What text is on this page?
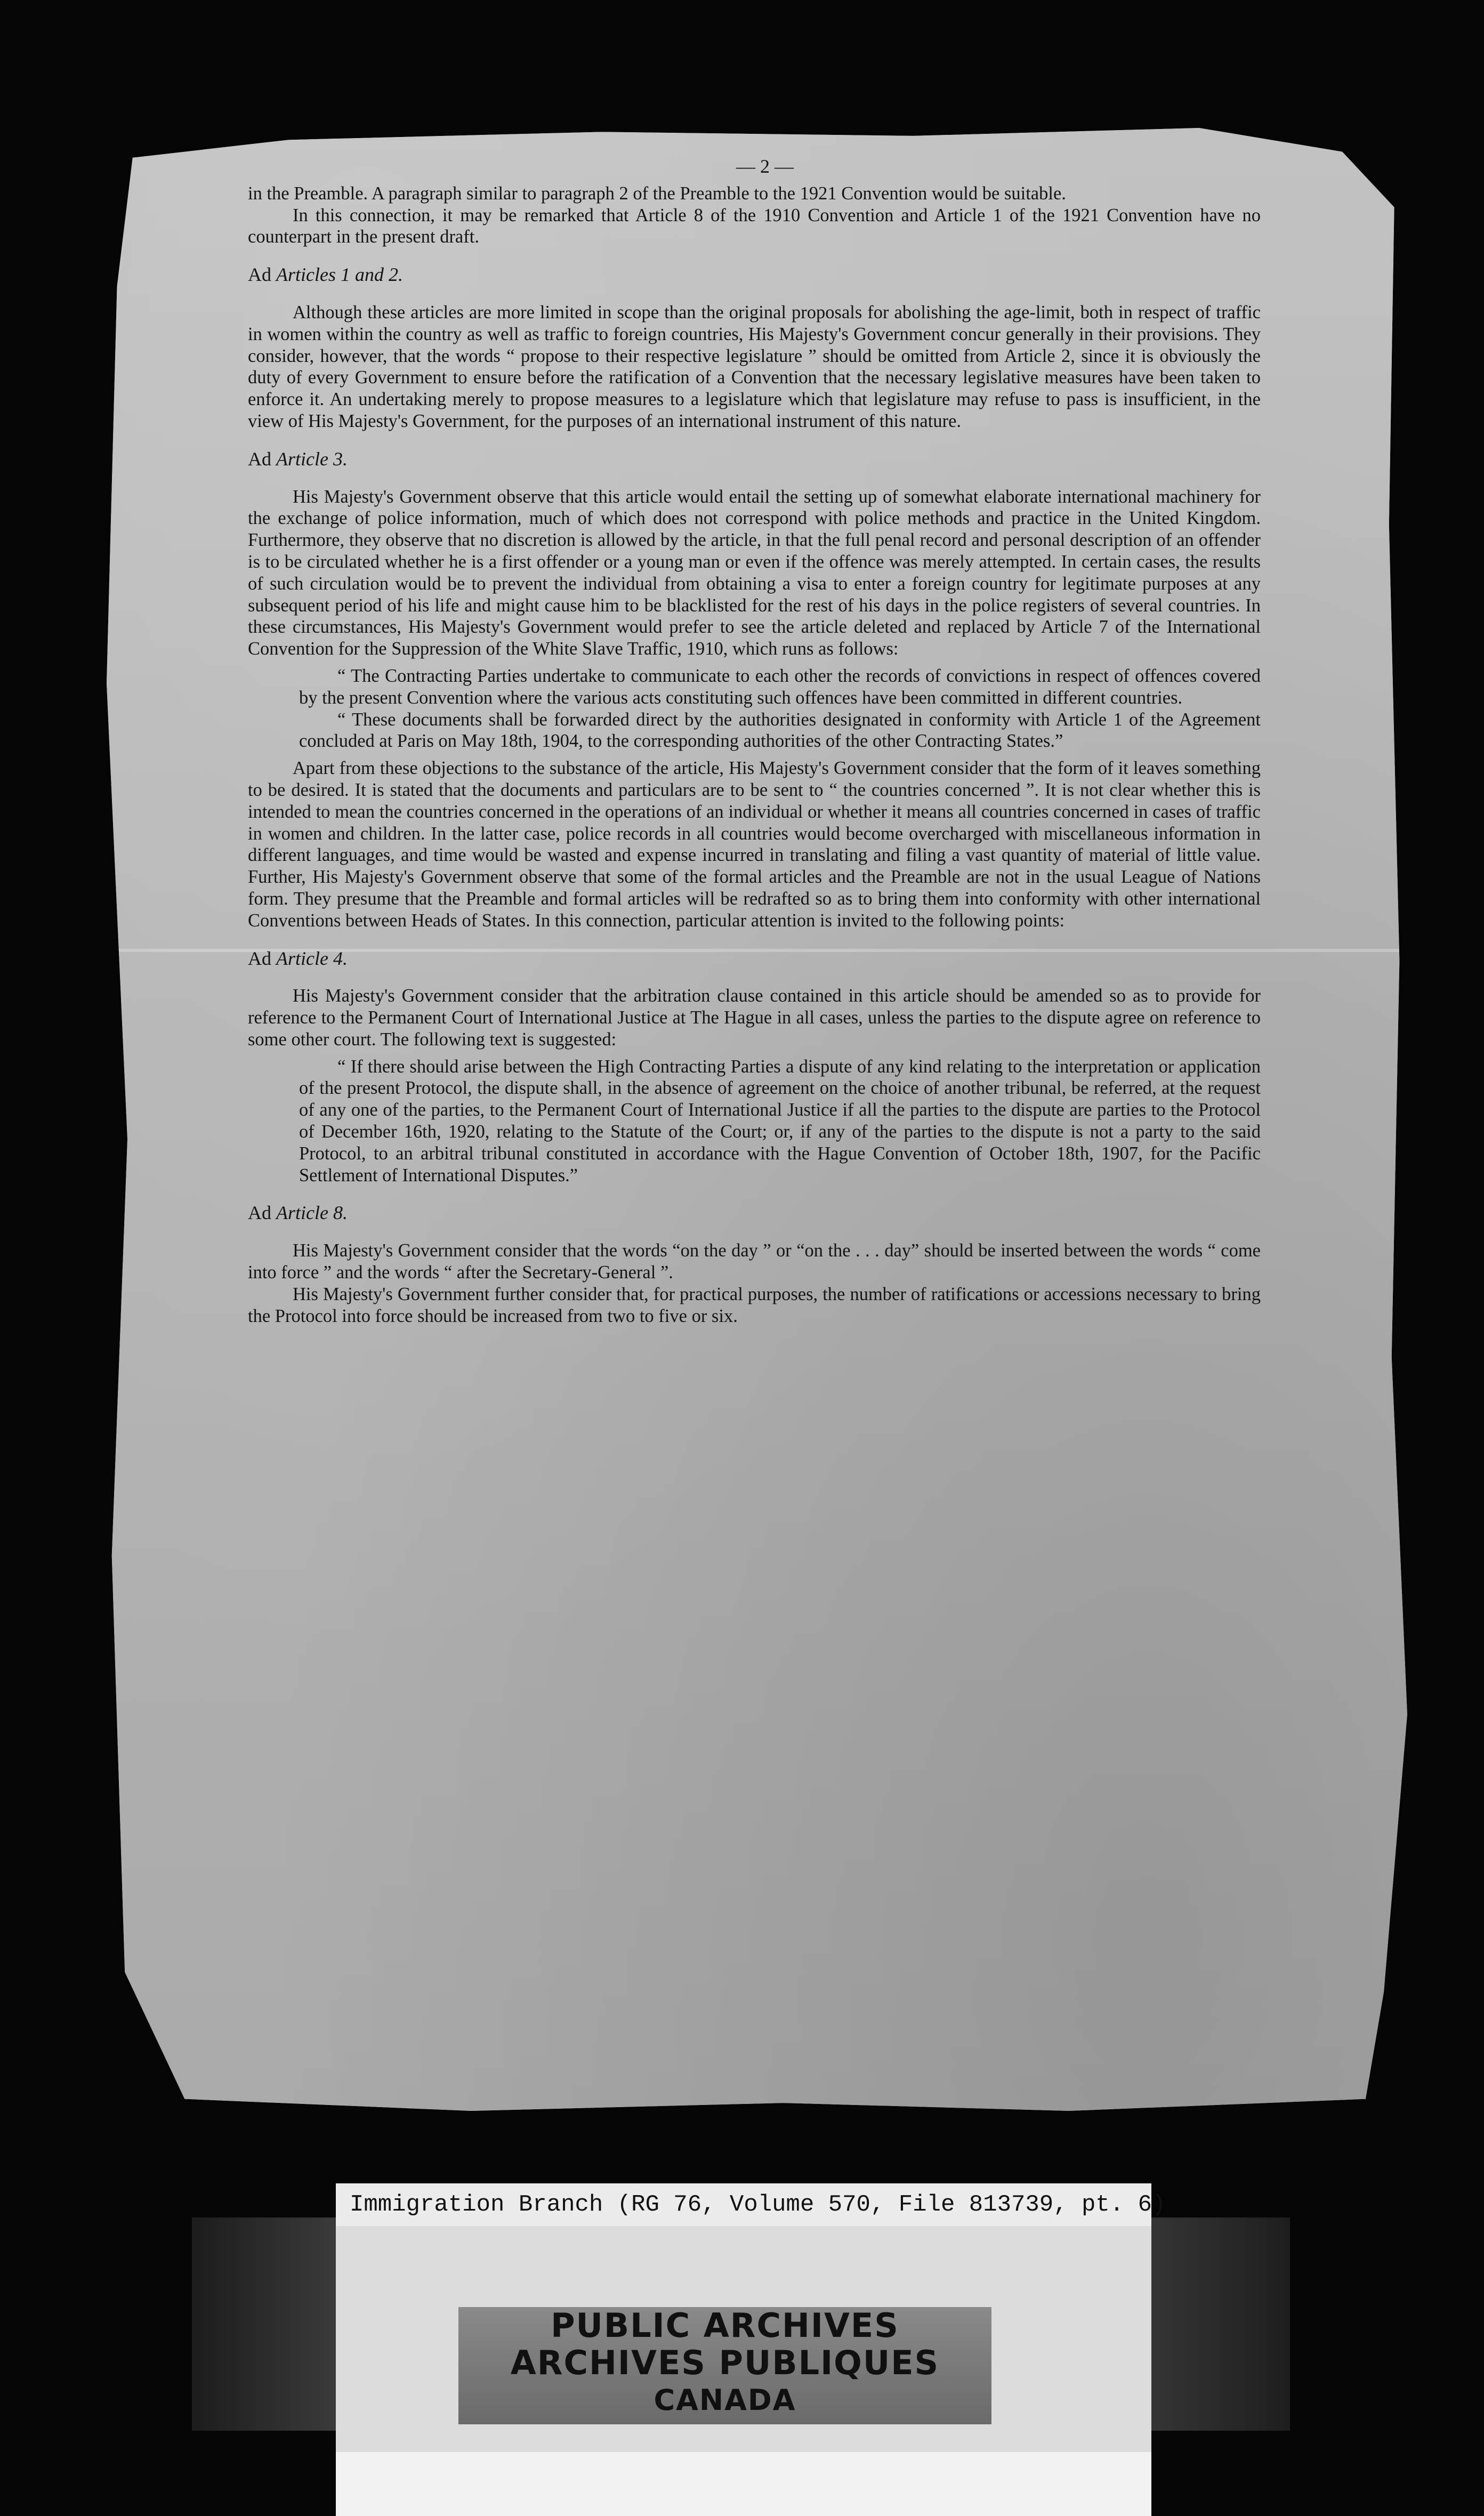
— 2 —

in the Preamble. A paragraph similar to paragraph 2 of the Preamble to the 1921 Convention would be suitable.

In this connection, it may be remarked that Article 8 of the 1910 Convention and Article 1 of the 1921 Convention have no counterpart in the present draft.

Ad Articles 1 and 2.

Although these articles are more limited in scope than the original proposals for abolishing the age-limit, both in respect of traffic in women within the country as well as traffic to foreign countries, His Majesty's Government concur generally in their provisions. They consider, however, that the words “ propose to their respective legislature ” should be omitted from Article 2, since it is obviously the duty of every Government to ensure before the ratification of a Convention that the necessary legislative measures have been taken to enforce it. An undertaking merely to propose measures to a legislature which that legislature may refuse to pass is insufficient, in the view of His Majesty's Government, for the purposes of an international instrument of this nature.

Ad Article 3.

His Majesty's Government observe that this article would entail the setting up of somewhat elaborate international machinery for the exchange of police information, much of which does not correspond with police methods and practice in the United Kingdom. Furthermore, they observe that no discretion is allowed by the article, in that the full penal record and personal description of an offender is to be circulated whether he is a first offender or a young man or even if the offence was merely attempted. In certain cases, the results of such circulation would be to prevent the individual from obtaining a visa to enter a foreign country for legitimate purposes at any subsequent period of his life and might cause him to be blacklisted for the rest of his days in the police registers of several countries. In these circumstances, His Majesty's Government would prefer to see the article deleted and replaced by Article 7 of the International Convention for the Suppression of the White Slave Traffic, 1910, which runs as follows:

“ The Contracting Parties undertake to communicate to each other the records of convictions in respect of offences covered by the present Convention where the various acts constituting such offences have been committed in different countries.

“ These documents shall be forwarded direct by the authorities designated in conformity with Article 1 of the Agreement concluded at Paris on May 18th, 1904, to the corresponding authorities of the other Contracting States.”

Apart from these objections to the substance of the article, His Majesty's Government consider that the form of it leaves something to be desired. It is stated that the documents and particulars are to be sent to “ the countries concerned ”. It is not clear whether this is intended to mean the countries concerned in the operations of an individual or whether it means all countries concerned in cases of traffic in women and children. In the latter case, police records in all countries would become overcharged with miscellaneous information in different languages, and time would be wasted and expense incurred in translating and filing a vast quantity of material of little value. Further, His Majesty's Government observe that some of the formal articles and the Preamble are not in the usual League of Nations form. They presume that the Preamble and formal articles will be redrafted so as to bring them into conformity with other international Conventions between Heads of States. In this connection, particular attention is invited to the following points:

Ad Article 4.

His Majesty's Government consider that the arbitration clause contained in this article should be amended so as to provide for reference to the Permanent Court of International Justice at The Hague in all cases, unless the parties to the dispute agree on reference to some other court. The following text is suggested:

“ If there should arise between the High Contracting Parties a dispute of any kind relating to the interpretation or application of the present Protocol, the dispute shall, in the absence of agreement on the choice of another tribunal, be referred, at the request of any one of the parties, to the Permanent Court of International Justice if all the parties to the dispute are parties to the Protocol of December 16th, 1920, relating to the Statute of the Court; or, if any of the parties to the dispute is not a party to the said Protocol, to an arbitral tribunal constituted in accordance with the Hague Convention of October 18th, 1907, for the Pacific Settlement of International Disputes.”

Ad Article 8.

His Majesty's Government consider that the words “on the day ” or “on the . . . day” should be inserted between the words “ come into force ” and the words “ after the Secretary-General ”.

His Majesty's Government further consider that, for practical purposes, the number of ratifications or accessions necessary to bring the Protocol into force should be increased from two to five or six.

Immigration Branch (RG 76, Volume 570, File 813739, pt. 6)
PUBLIC ARCHIVES
ARCHIVES PUBLIQUES
CANADA
